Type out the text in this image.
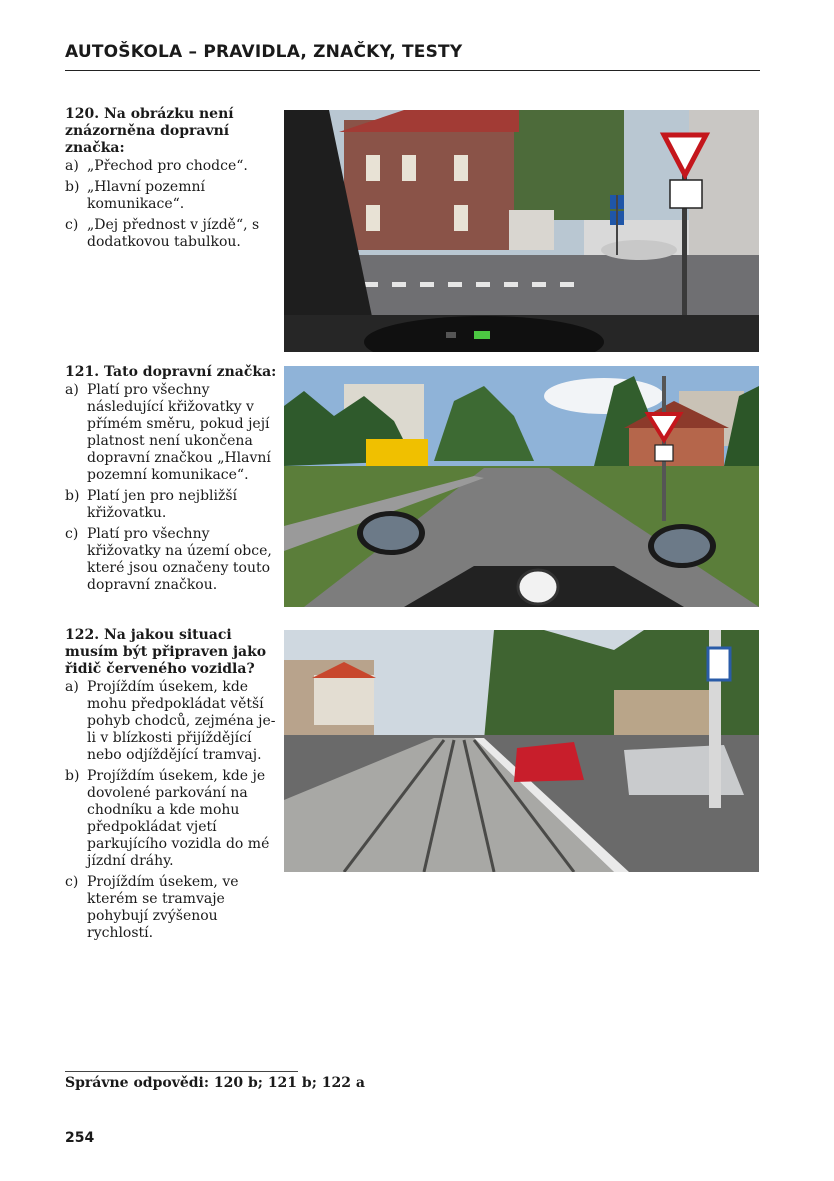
AUTOŠKOLA – PRAVIDLA, ZNAČKY, TESTY
120. Na obrázku není znázorněna dopravní značka:
a) „Přechod pro chodce“.
b) „Hlavní pozemní komunikace“.
c) „Dej přednost v jízdě“, s dodatkovou tabulkou.
121. Tato dopravní značka:
a) Platí pro všechny následující křižovatky v přímém směru, pokud její platnost není ukončena dopravní značkou „Hlavní pozemní komunikace“.
b) Platí jen pro nejbližší křižovatku.
c) Platí pro všechny křižovatky na území obce, které jsou označeny touto dopravní značkou.
122. Na jakou situaci musím být připraven jako řidič červeného vozidla?
a) Projíždím úsekem, kde mohu předpokládat větší pohyb chodců, zejména je-li v blízkosti přijíždějící nebo odjíždějící tramvaj.
b) Projíždím úsekem, kde je dovolené parkování na chodníku a kde mohu předpokládat vjetí parkujícího vozidla do mé jízdní dráhy.
c) Projíždím úsekem, ve kterém se tramvaje pohybují zvýšenou rychlostí.
Správne odpovědi: 120 b; 121 b; 122 a
254
